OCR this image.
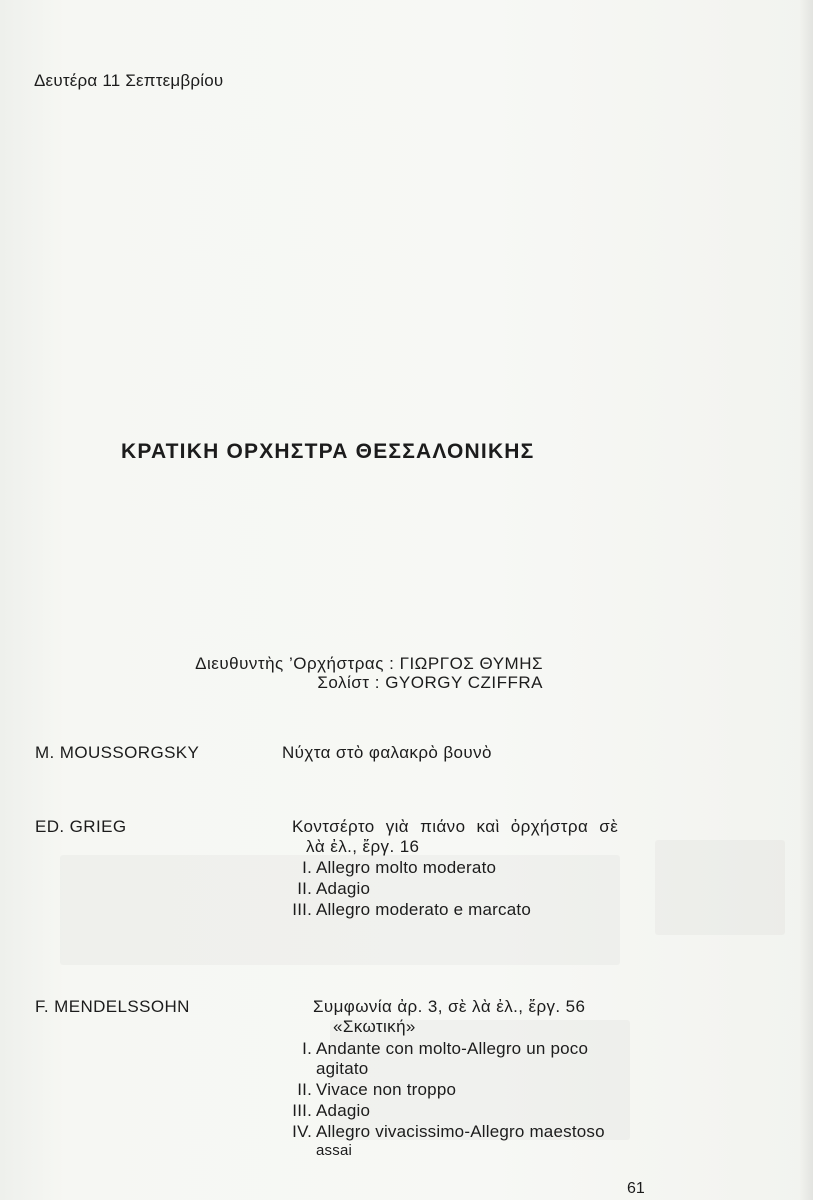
Δευτέρα 11 Σεπτεμβρίου
ΚΡΑΤΙΚΗ ΟΡΧΗΣΤΡΑ ΘΕΣΣΑΛΟΝΙΚΗΣ
Διευθυντὴς ’Ορχήστρας : ΓΙΩΡΓΟΣ ΘΥΜΗΣ
Σολίστ : GYORGY CZIFFRA
M. MOUSSORGSKY	Νύχτα στὸ φαλακρὸ βουνὸ
ED. GRIEG	Κοντσέρτο γιὰ πιάνο καὶ ὀρχήστρα σὲ
λὰ ἐλ., ἔργ. 16
I. Allegro molto moderato
II. Adagio
III. Allegro moderato e marcato
F. MENDELSSOHN	Συμφωνία ἀρ. 3, σὲ λὰ ἐλ., ἔργ. 56
«Σκωτική»
I. Andante con molto-Allegro un poco
agitato
II. Vivace non troppo
III. Adagio
IV. Allegro vivacissimo-Allegro maestoso
assai
61
